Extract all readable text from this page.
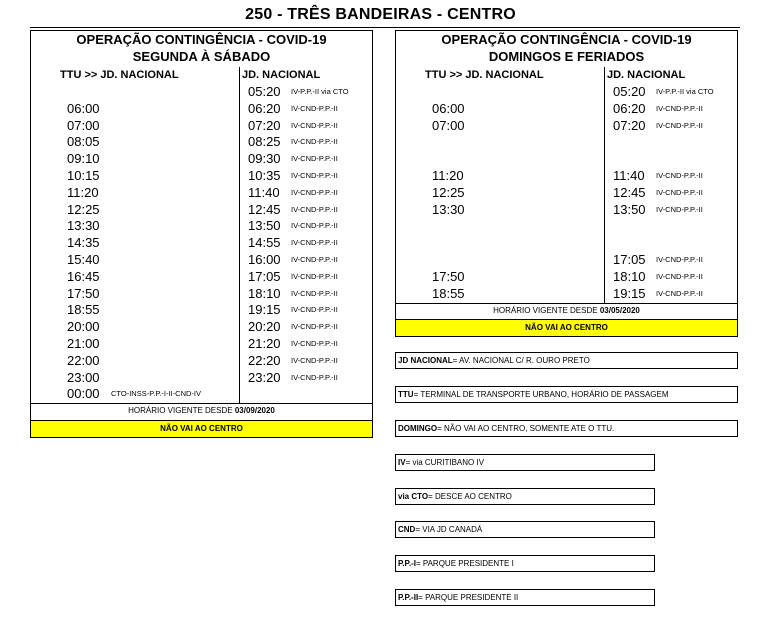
250 - TRÊS BANDEIRAS - CENTRO
OPERAÇÃO CONTINGÊNCIA - COVID-19
SEGUNDA À SÁBADO
TTU >> JD. NACIONAL	JD. NACIONAL
HORÁRIO VIGENTE DESDE 03/09/2020
NÃO VAI AO CENTRO
06:00
07:00
08:05
09:10
10:15
11:20
12:25
13:30
14:35
15:40
16:45
17:50
18:55
20:00
21:00
22:00
23:00
00:00 CTO-INSS-P.P.-I-II-CND-IV
05:20 IV-P.P.-II via CTO
06:20 IV-CND-P.P.-II
07:20 IV-CND-P.P.-II
08:25 IV-CND-P.P.-II
09:30 IV-CND-P.P.-II
10:35 IV-CND-P.P.-II
11:40 IV-CND-P.P.-II
12:45 IV-CND-P.P.-II
13:50 IV-CND-P.P.-II
14:55 IV-CND-P.P.-II
16:00 IV-CND-P.P.-II
17:05 IV-CND-P.P.-II
18:10 IV-CND-P.P.-II
19:15 IV-CND-P.P.-II
20:20 IV-CND-P.P.-II
21:20 IV-CND-P.P.-II
22:20 IV-CND-P.P.-II
23:20 IV-CND-P.P.-II
OPERAÇÃO CONTINGÊNCIA - COVID-19
DOMINGOS E FERIADOS
TTU >> JD. NACIONAL	JD. NACIONAL
HORÁRIO VIGENTE DESDE 03/05/2020
NÃO VAI AO CENTRO
06:00
07:00
11:20
12:25
13:30
17:50
18:55
05:20 IV-P.P.-II via CTO
06:20 IV-CND-P.P.-II
07:20 IV-CND-P.P.-II
11:40 IV-CND-P.P.-II
12:45 IV-CND-P.P.-II
13:50 IV-CND-P.P.-II
17:05 IV-CND-P.P.-II
18:10 IV-CND-P.P.-II
19:15 IV-CND-P.P.-II
JD NACIONAL = AV. NACIONAL C/ R. OURO PRETO
TTU = TERMINAL DE TRANSPORTE URBANO, HORÁRIO DE PASSAGEM
DOMINGO = NÃO VAI AO CENTRO, SOMENTE ATE O TTU.
IV = via CURITIBANO IV
via CTO = DESCE AO CENTRO
CND = VIA JD CANADÁ
P.P.-I = PARQUE PRESIDENTE I
P.P.-II = PARQUE PRESIDENTE II
